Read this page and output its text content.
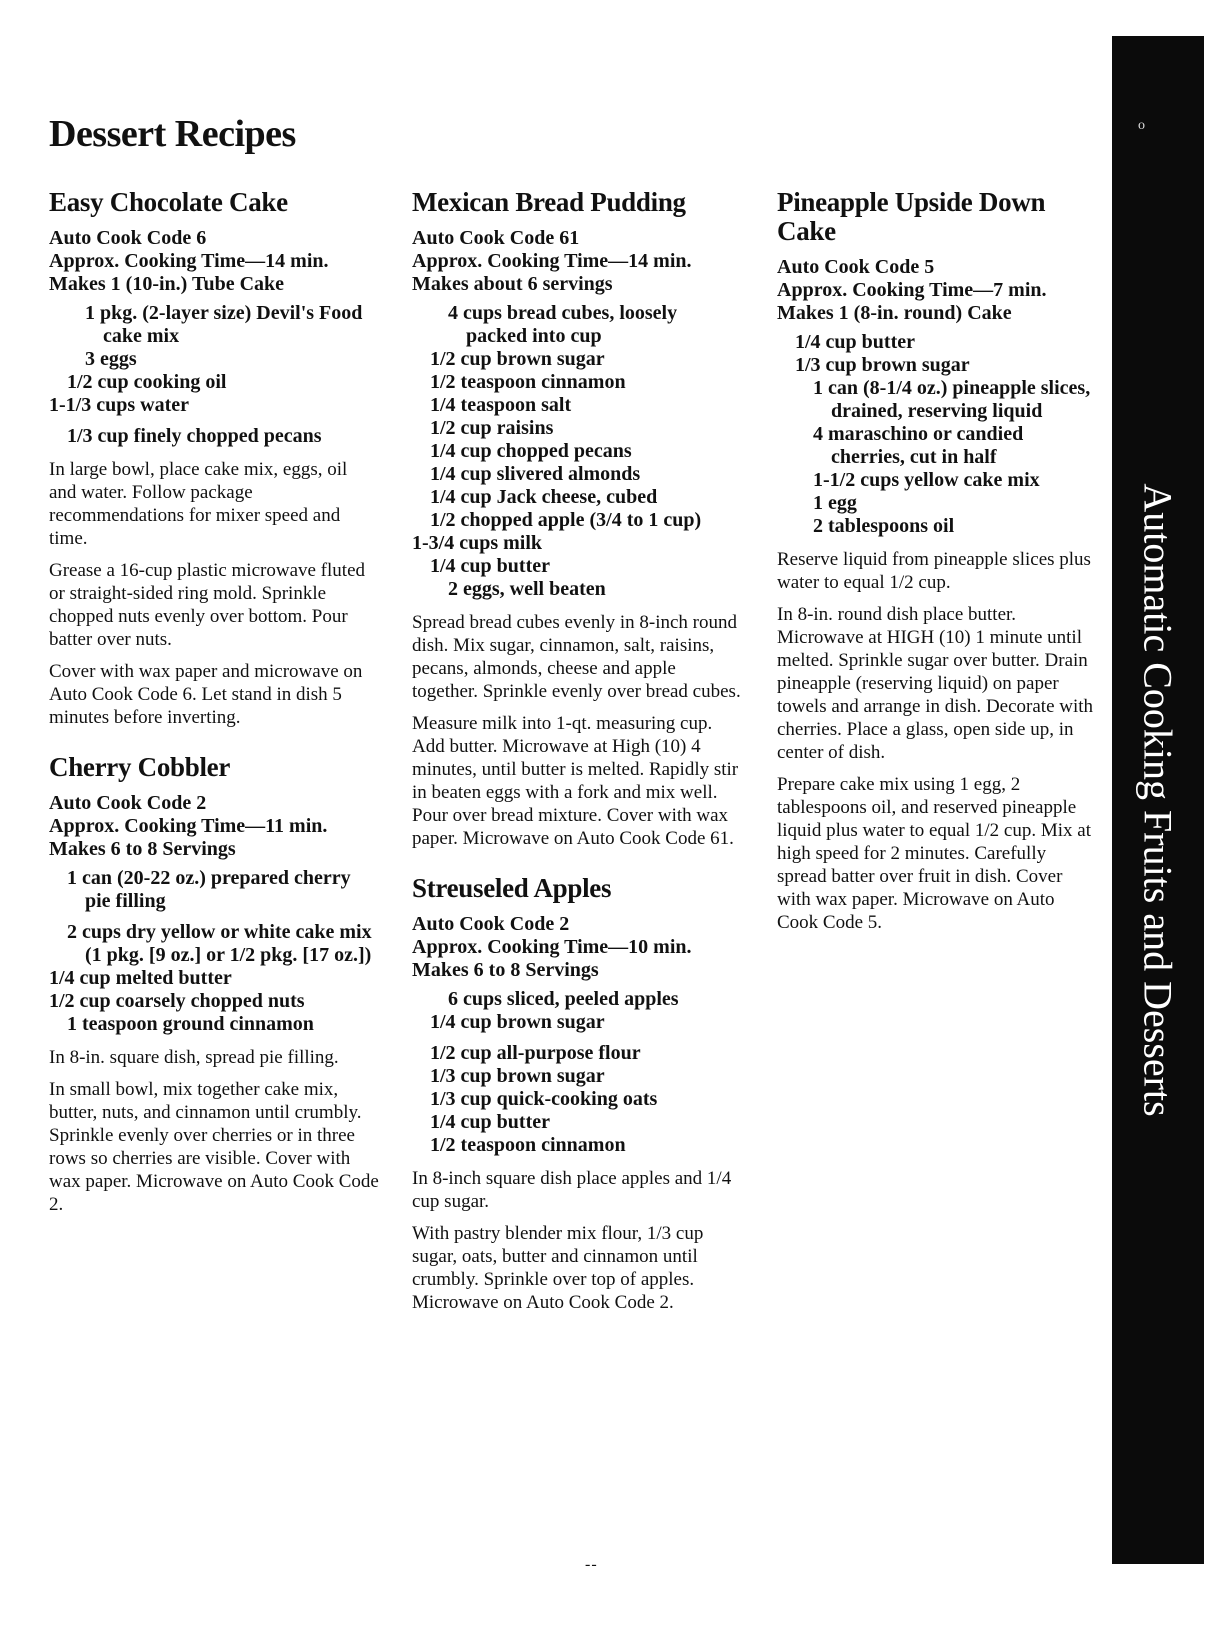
Dessert Recipes
Easy Chocolate Cake
Auto Cook Code 6
Approx. Cooking Time—14 min.
Makes 1 (10-in.) Tube Cake
1 pkg. (2-layer size) Devil's Food cake mix
3 eggs
1/2 cup cooking oil
1-1/3 cups water
1/3 cup finely chopped pecans

In large bowl, place cake mix, eggs, oil and water. Follow package recommendations for mixer speed and time.

Grease a 16-cup plastic microwave fluted or straight-sided ring mold. Sprinkle chopped nuts evenly over bottom. Pour batter over nuts.

Cover with wax paper and microwave on Auto Cook Code 6. Let stand in dish 5 minutes before inverting.

Cherry Cobbler
Auto Cook Code 2
Approx. Cooking Time—11 min.
Makes 6 to 8 Servings
1 can (20-22 oz.) prepared cherry pie filling
2 cups dry yellow or white cake mix (1 pkg. [9 oz.] or 1/2 pkg. [17 oz.])
1/4 cup melted butter
1/2 cup coarsely chopped nuts
1 teaspoon ground cinnamon

In 8-in. square dish, spread pie filling.

In small bowl, mix together cake mix, butter, nuts, and cinnamon until crumbly. Sprinkle evenly over cherries or in three rows so cherries are visible. Cover with wax paper. Microwave on Auto Cook Code 2.

Mexican Bread Pudding
Auto Cook Code 61
Approx. Cooking Time—14 min.
Makes about 6 servings
4 cups bread cubes, loosely packed into cup
1/2 cup brown sugar
1/2 teaspoon cinnamon
1/4 teaspoon salt
1/2 cup raisins
1/4 cup chopped pecans
1/4 cup slivered almonds
1/4 cup Jack cheese, cubed
1/2 chopped apple (3/4 to 1 cup)
1-3/4 cups milk
1/4 cup butter
2 eggs, well beaten

Spread bread cubes evenly in 8-inch round dish. Mix sugar, cinnamon, salt, raisins, pecans, almonds, cheese and apple together. Sprinkle evenly over bread cubes.

Measure milk into 1-qt. measuring cup. Add butter. Microwave at High (10) 4 minutes, until butter is melted. Rapidly stir in beaten eggs with a fork and mix well. Pour over bread mixture. Cover with wax paper. Microwave on Auto Cook Code 61.

Streuseled Apples
Auto Cook Code 2
Approx. Cooking Time—10 min.
Makes 6 to 8 Servings
6 cups sliced, peeled apples
1/4 cup brown sugar
1/2 cup all-purpose flour
1/3 cup brown sugar
1/3 cup quick-cooking oats
1/4 cup butter
1/2 teaspoon cinnamon

In 8-inch square dish place apples and 1/4 cup sugar.

With pastry blender mix flour, 1/3 cup sugar, oats, butter and cinnamon until crumbly. Sprinkle over top of apples. Microwave on Auto Cook Code 2.

Pineapple Upside Down Cake
Auto Cook Code 5
Approx. Cooking Time—7 min.
Makes 1 (8-in. round) Cake
1/4 cup butter
1/3 cup brown sugar
1 can (8-1/4 oz.) pineapple slices, drained, reserving liquid
4 maraschino or candied cherries, cut in half
1-1/2 cups yellow cake mix
1 egg
2 tablespoons oil

Reserve liquid from pineapple slices plus water to equal 1/2 cup.

In 8-in. round dish place butter. Microwave at HIGH (10) 1 minute until melted. Sprinkle sugar over butter. Drain pineapple (reserving liquid) on paper towels and arrange in dish. Decorate with cherries. Place a glass, open side up, in center of dish.

Prepare cake mix using 1 egg, 2 tablespoons oil, and reserved pineapple liquid plus water to equal 1/2 cup. Mix at high speed for 2 minutes. Carefully spread batter over fruit in dish. Cover with wax paper. Microwave on Auto Cook Code 5.

o
Automatic Cooking Fruits and Desserts
--
